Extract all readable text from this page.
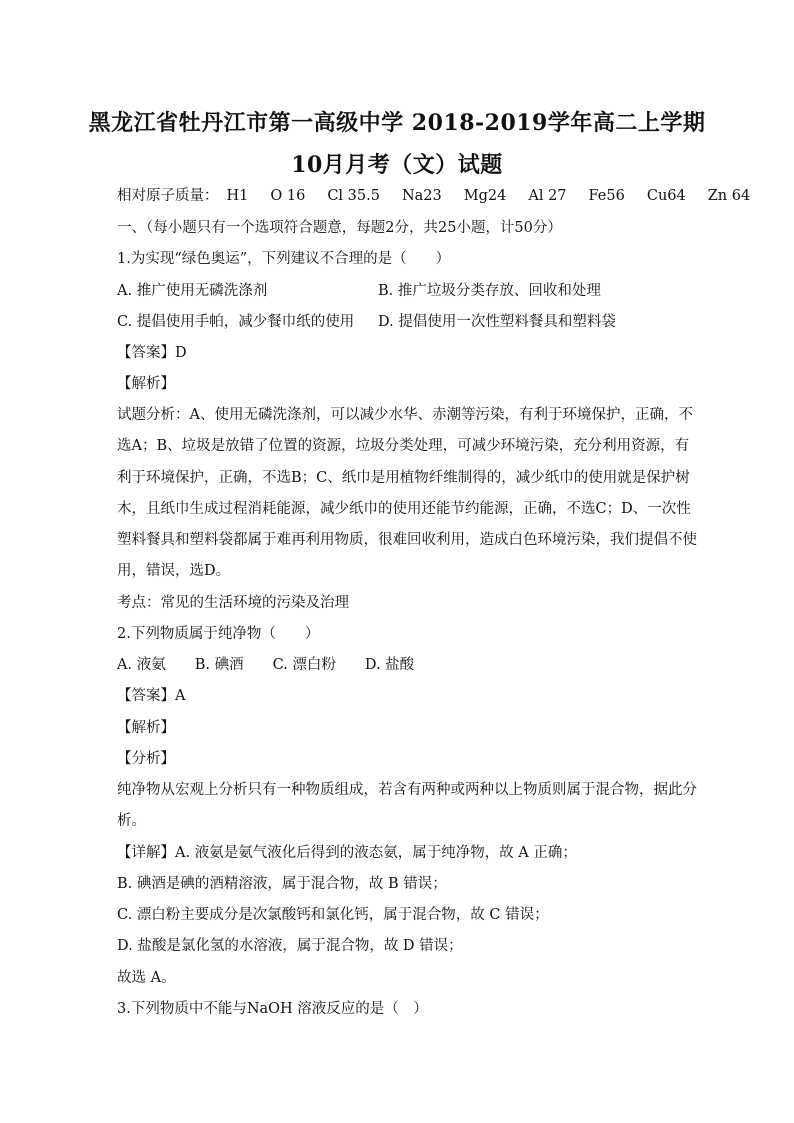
黑龙江省牡丹江市第一高级中学 2018-2019学年高二上学期
10月月考（文）试题
相对原子质量： H1 O 16 Cl 35.5 Na23 Mg24 Al 27 Fe56 Cu64 Zn 64
一、（每小题只有一个选项符合题意，每题2分，共25小题，计50分）
1.为实现“绿色奥运”，下列建议不合理的是（　　）
A. 推广使用无磷洗涤剂	B. 推广垃圾分类存放、回收和处理
C. 提倡使用手帕，减少餐巾纸的使用 D. 提倡使用一次性塑料餐具和塑料袋
【答案】D
【解析】
试题分析：A、使用无磷洗涤剂，可以减少水华、赤潮等污染，有利于环境保护，正确，不
选A；B、垃圾是放错了位置的资源，垃圾分类处理，可减少环境污染，充分利用资源，有
利于环境保护，正确，不选B；C、纸巾是用植物纤维制得的，减少纸巾的使用就是保护树
木，且纸巾生成过程消耗能源，减少纸巾的使用还能节约能源，正确，不选C；D、一次性
塑料餐具和塑料袋都属于难再利用物质，很难回收利用，造成白色环境污染，我们提倡不使
用，错误，选D。
考点：常见的生活环境的污染及治理
2.下列物质属于纯净物（　　）
A. 液氨　　B. 碘酒　　C. 漂白粉　　D. 盐酸
【答案】A
【解析】
【分析】
纯净物从宏观上分析只有一种物质组成，若含有两种或两种以上物质则属于混合物，据此分
析。
【详解】A. 液氨是氨气液化后得到的液态氨，属于纯净物，故 A 正确；
B. 碘酒是碘的酒精溶液，属于混合物，故 B 错误；
C. 漂白粉主要成分是次氯酸钙和氯化钙，属于混合物，故 C 错误；
D. 盐酸是氯化氢的水溶液，属于混合物，故 D 错误；
故选 A。
3.下列物质中不能与NaOH 溶液反应的是（　）
